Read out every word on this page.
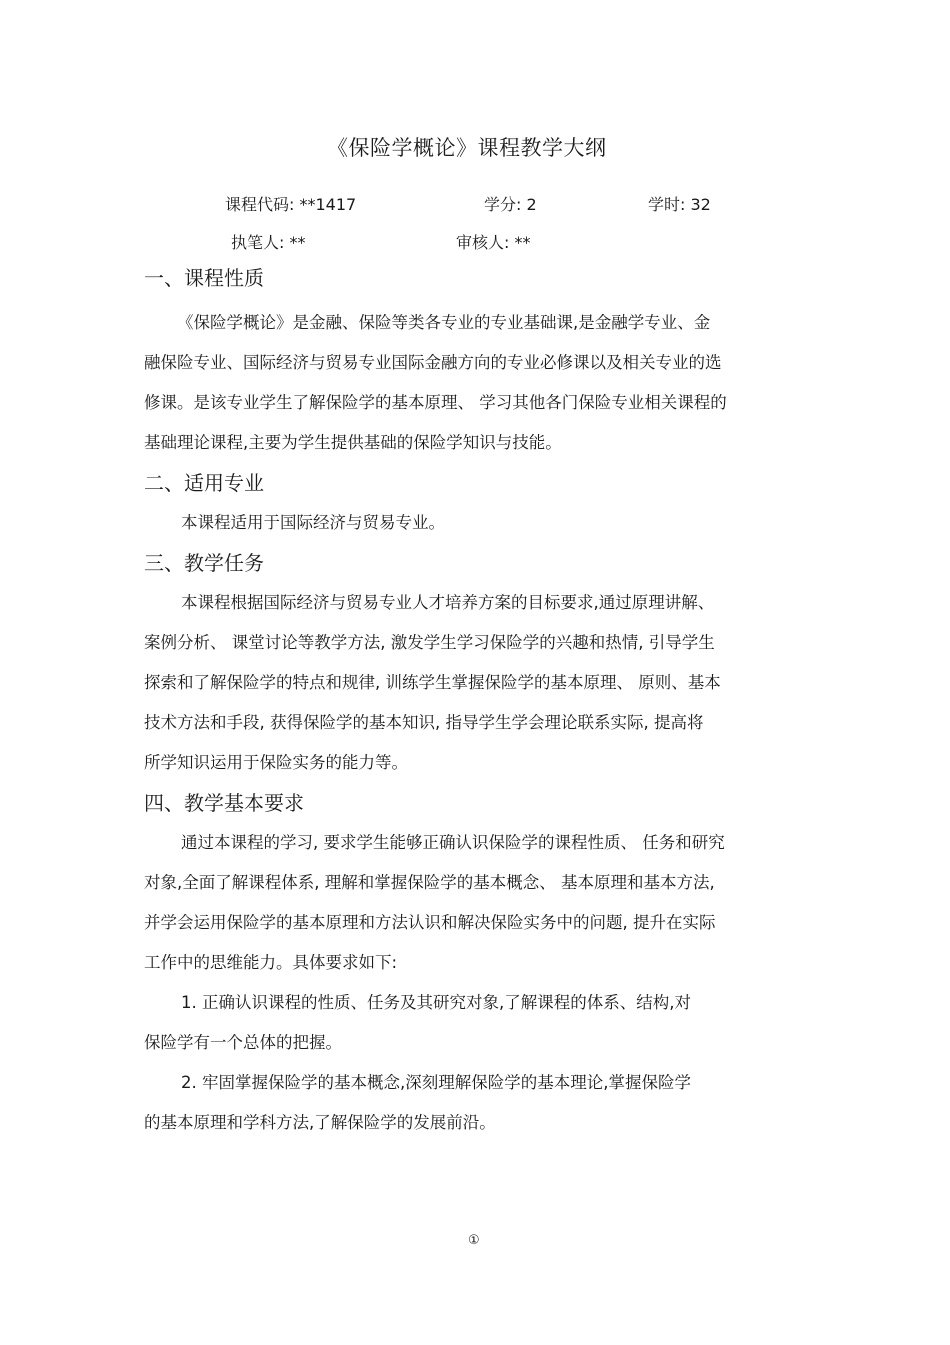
《保险学概论》课程教学大纲
课程代码: **1417	学分: 2	学时: 32
执笔人: **	审核人: **
一、课程性质
《保险学概论》是金融、保险等类各专业的专业基础课,是金融学专业、金
融保险专业、国际经济与贸易专业国际金融方向的专业必修课以及相关专业的选
修课。是该专业学生了解保险学的基本原理、 学习其他各门保险专业相关课程的
基础理论课程,主要为学生提供基础的保险学知识与技能。
二、适用专业
本课程适用于国际经济与贸易专业。
三、教学任务
本课程根据国际经济与贸易专业人才培养方案的目标要求,通过原理讲解、
案例分析、 课堂讨论等教学方法, 激发学生学习保险学的兴趣和热情, 引导学生
探索和了解保险学的特点和规律, 训练学生掌握保险学的基本原理、 原则、基本
技术方法和手段, 获得保险学的基本知识, 指导学生学会理论联系实际, 提高将
所学知识运用于保险实务的能力等。
四、教学基本要求
通过本课程的学习, 要求学生能够正确认识保险学的课程性质、 任务和研究
对象,全面了解课程体系, 理解和掌握保险学的基本概念、 基本原理和基本方法,
并学会运用保险学的基本原理和方法认识和解决保险实务中的问题, 提升在实际
工作中的思维能力。具体要求如下:
1. 正确认识课程的性质、任务及其研究对象,了解课程的体系、结构,对
保险学有一个总体的把握。
2. 牢固掌握保险学的基本概念,深刻理解保险学的基本理论,掌握保险学
的基本原理和学科方法,了解保险学的发展前沿。
①
